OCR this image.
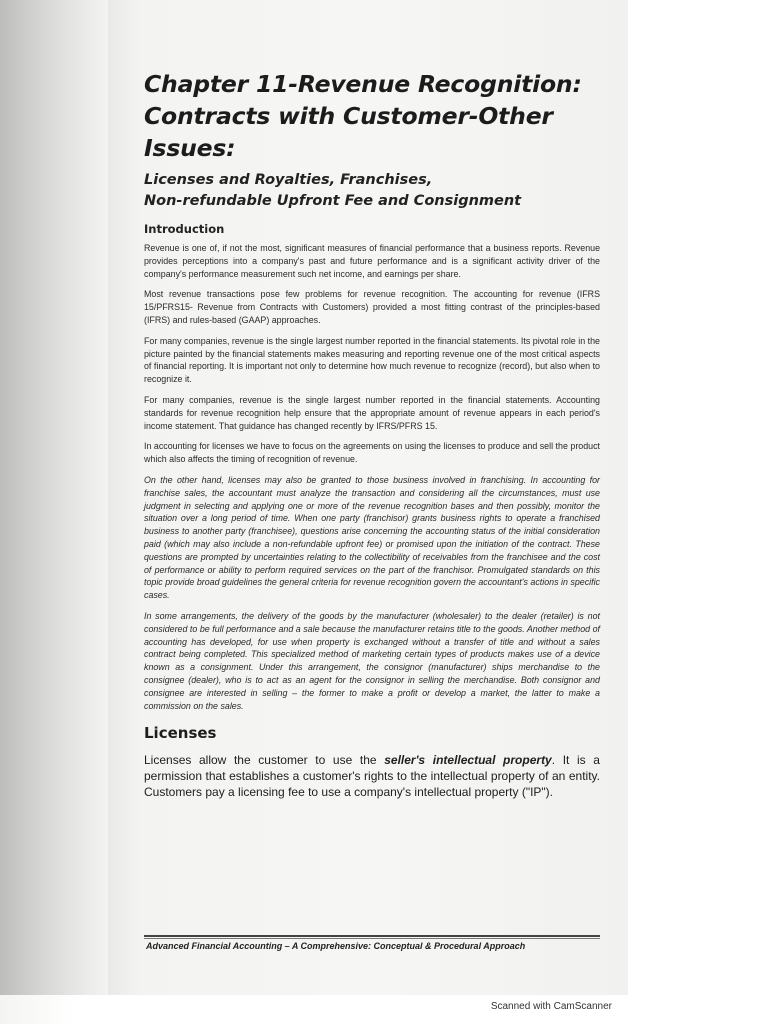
Chapter 11-Revenue Recognition:
Contracts with Customer-Other Issues:
Licenses and Royalties, Franchises,
Non-refundable Upfront Fee and Consignment
Introduction

Revenue is one of, if not the most, significant measures of financial performance that a business reports. Revenue provides perceptions into a company's past and future performance and is a significant activity driver of the company's performance measurement such net income, and earnings per share.

Most revenue transactions pose few problems for revenue recognition. The accounting for revenue (IFRS 15/PFRS15- Revenue from Contracts with Customers) provided a most fitting contrast of the principles-based (IFRS) and rules-based (GAAP) approaches.

For many companies, revenue is the single largest number reported in the financial statements. Its pivotal role in the picture painted by the financial statements makes measuring and reporting revenue one of the most critical aspects of financial reporting. It is important not only to determine how much revenue to recognize (record), but also when to recognize it.

For many companies, revenue is the single largest number reported in the financial statements. Accounting standards for revenue recognition help ensure that the appropriate amount of revenue appears in each period's income statement. That guidance has changed recently by IFRS/PFRS 15.

In accounting for licenses we have to focus on the agreements on using the licenses to produce and sell the product which also affects the timing of recognition of revenue.

On the other hand, licenses may also be granted to those business involved in franchising. In accounting for franchise sales, the accountant must analyze the transaction and considering all the circumstances, must use judgment in selecting and applying one or more of the revenue recognition bases and then possibly, monitor the situation over a long period of time. When one party (franchisor) grants business rights to operate a franchised business to another party (franchisee), questions arise concerning the accounting status of the initial consideration paid (which may also include a non-refundable upfront fee) or promised upon the initiation of the contract. These questions are prompted by uncertainties relating to the collectibility of receivables from the franchisee and the cost of performance or ability to perform required services on the part of the franchisor. Promulgated standards on this topic provide broad guidelines the general criteria for revenue recognition govern the accountant's actions in specific cases.

In some arrangements, the delivery of the goods by the manufacturer (wholesaler) to the dealer (retailer) is not considered to be full performance and a sale because the manufacturer retains title to the goods. Another method of accounting has developed, for use when property is exchanged without a transfer of title and without a sales contract being completed. This specialized method of marketing certain types of products makes use of a device known as a consignment. Under this arrangement, the consignor (manufacturer) ships merchandise to the consignee (dealer), who is to act as an agent for the consignor in selling the merchandise. Both consignor and consignee are interested in selling – the former to make a profit or develop a market, the latter to make a commission on the sales.

Licenses

Licenses allow the customer to use the seller's intellectual property. It is a permission that establishes a customer's rights to the intellectual property of an entity. Customers pay a licensing fee to use a company's intellectual property ("IP").

Advanced Financial Accounting – A Comprehensive: Conceptual & Procedural Approach
Scanned with CamScanner
